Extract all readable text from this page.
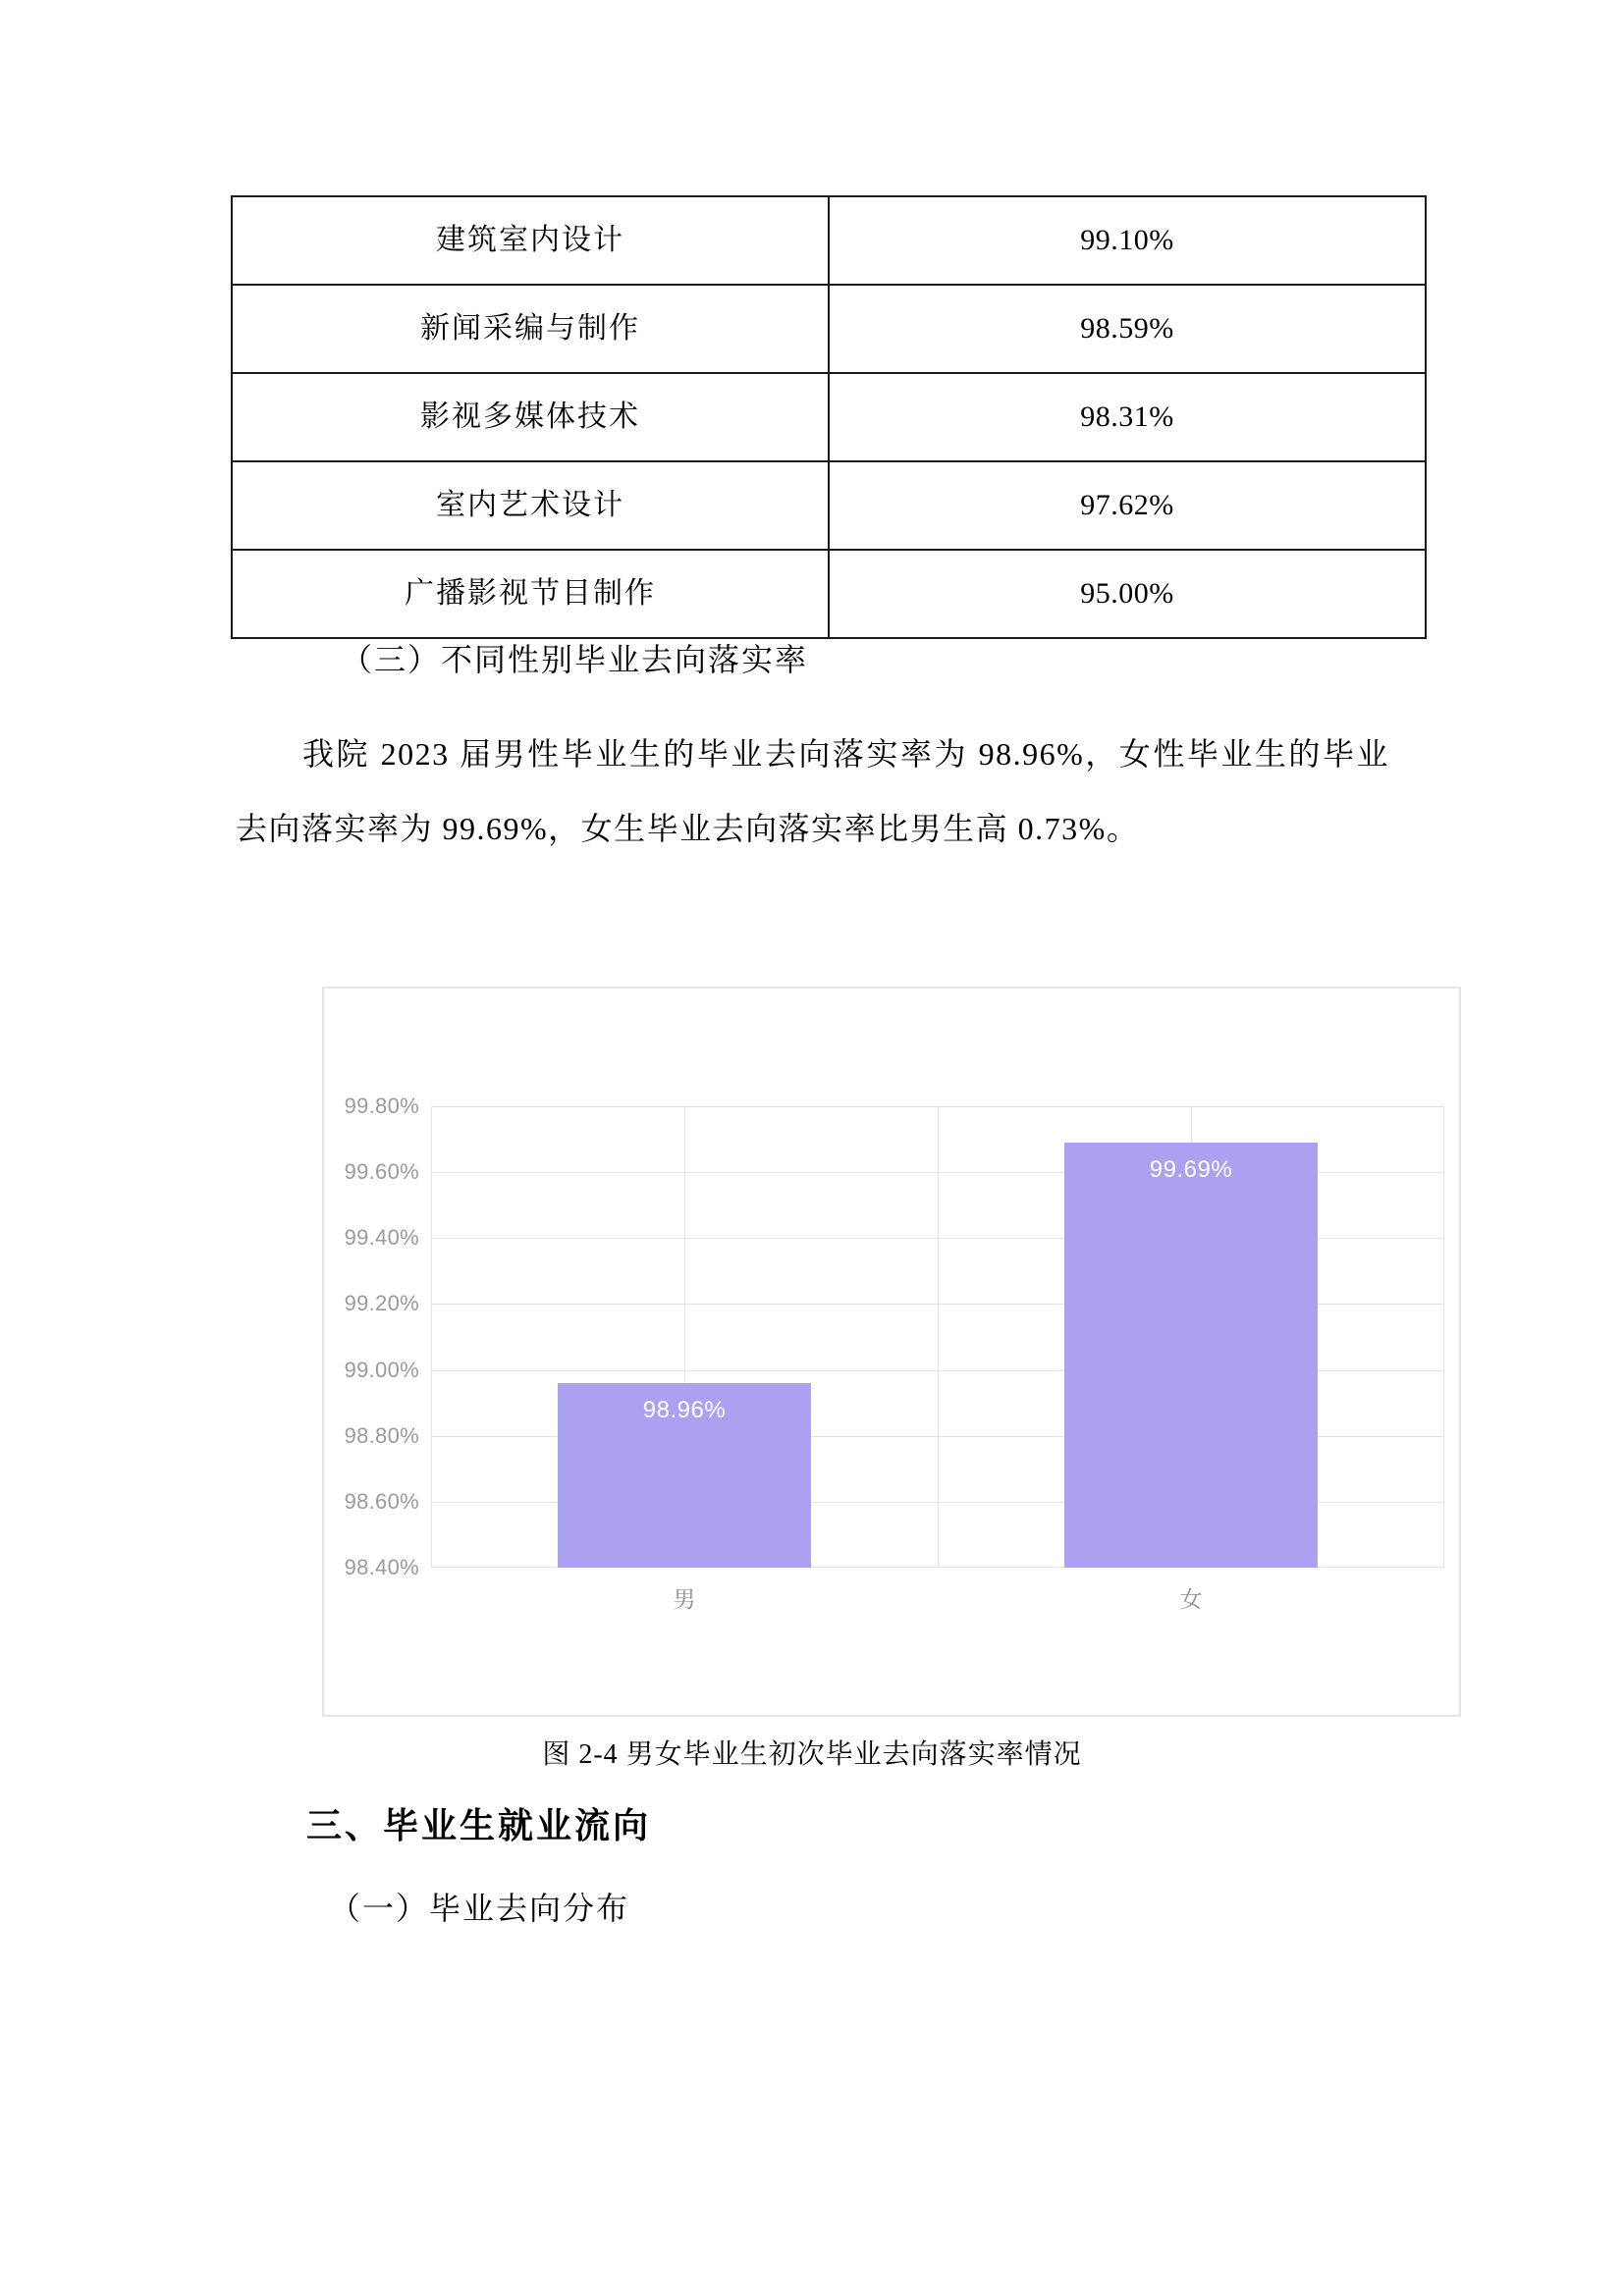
建筑室内设计	99.10%
新闻采编与制作	98.59%
影视多媒体技术	98.31%
室内艺术设计	97.62%
广播影视节目制作	95.00%
（三）不同性别毕业去向落实率
我院 2023 届男性毕业生的毕业去向落实率为 98.96%，女性毕业生的毕业去向落实率为 99.69%，女生毕业去向落实率比男生高 0.73%。
99.80%
99.60%
99.40%
99.20%
99.00%
98.80%
98.60%
98.40%
98.96%
99.69%
男	女
图 2-4 男女毕业生初次毕业去向落实率情况
三、毕业生就业流向
（一）毕业去向分布
